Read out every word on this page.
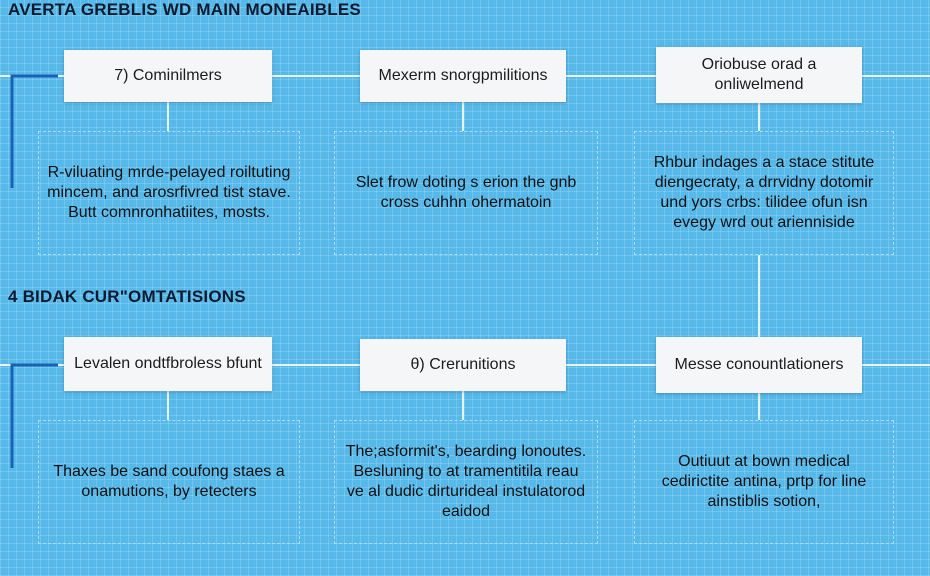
AVERTA GREBLIS WD MAIN MONEAIBLES
4 BIDAK CUR"OMTATISIONS
7) Cominilmers	Mexerm snorgpmilitions
Oriobuse orad a onliwelmend
R-viluating mrde-pelayed roiltuting mincem, and arosrfivred tist stave. Butt comnronhatiites, mosts.
Slet frow doting s erion the gnb cross cuhhn ohermatoin
Rhbur indages a a stace stitute diengecraty, a drrvidny dotomir und yors crbs: tilidee ofun isn evegy wrd out arienniside
Levalen ondtfbroless bfunt	θ) Crerunitions	Messe conountlationers
Thaxes be sand coufong staes a onamutions, by retecters
The;asformit's, bearding lonoutes. Besluning to at tramentitila reau ve al dudic dirturideal instulatorod eaidod
Outiuut at bown medical cedirictite antina, prtp for line ainstiblis sotion,
